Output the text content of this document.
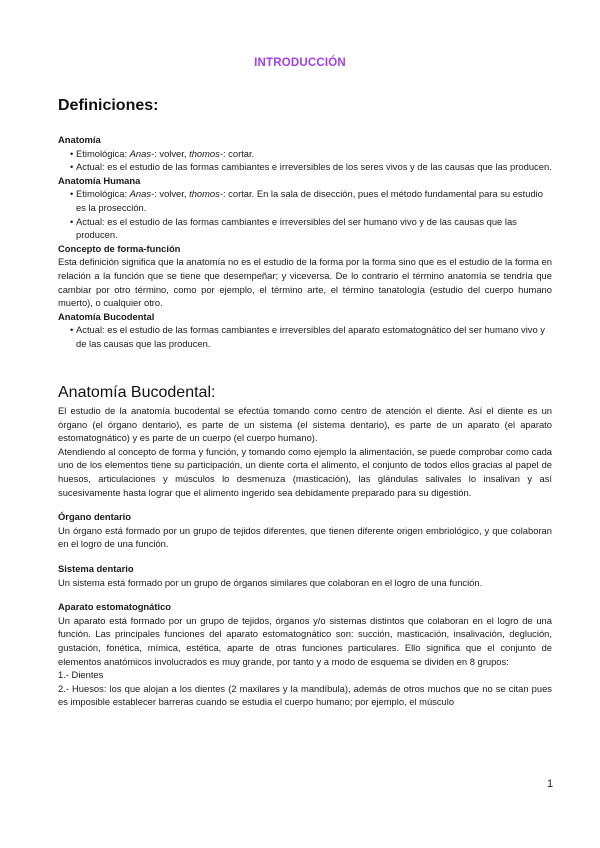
INTRODUCCIÓN
Definiciones:
Anatomía
• Etimológica: Anas-: volver, thomos-: cortar.
• Actual: es el estudio de las formas cambiantes e irreversibles de los seres vivos y de las causas que las producen.
Anatomía Humana
• Etimológica: Anas-: volver, thomos-: cortar. En la sala de disección, pues el método fundamental para su estudio es la prosección.
• Actual: es el estudio de las formas cambiantes e irreversibles del ser humano vivo y de las causas que las producen.
Concepto de forma-función

Esta definición significa que la anatomía no es el estudio de la forma por la forma sino que es el estudio de la forma en relación a la función que se tiene que desempeñar; y viceversa. De lo contrario el término anatomía se tendría que cambiar por otro término, como por ejemplo, el término arte, el término tanatología (estudio del cuerpo humano muerto), o cualquier otro.

Anatomía Bucodental
• Actual: es el estudio de las formas cambiantes e irreversibles del aparato estomatognático del ser humano vivo y de las causas que las producen.
Anatomía Bucodental:

El estudio de la anatomía bucodental se efectúa tomando como centro de atención el diente. Así el diente es un órgano (el órgano dentario), es parte de un sistema (el sistema dentario), es parte de un aparato (el aparato estomatognático) y es parte de un cuerpo (el cuerpo humano).

Atendiendo al concepto de forma y función, y tomando como ejemplo la alimentación, se puede comprobar como cada uno de los elementos tiene su participación, un diente corta el alimento, el conjunto de todos ellos gracias al papel de huesos, articulaciones y músculos lo desmenuza (masticación), las glándulas salivales lo insalivan y así sucesivamente hasta lograr que el alimento ingerido sea debidamente preparado para su digestión.

Órgano dentario

Un órgano está formado por un grupo de tejidos diferentes, que tienen diferente origen embriológico, y que colaboran en el logro de una función.

Sistema dentario

Un sistema está formado por un grupo de órganos similares que colaboran en el logro de una función.

Aparato estomatognático

Un aparato está formado por un grupo de tejidos, órganos y/o sistemas distintos que colaboran en el logro de una función. Las principales funciones del aparato estomatognático son: succión, masticación, insalivación, deglución, gustación, fonética, mímica, estética, aparte de otras funciones particulares. Ello significa que el conjunto de elementos anatómicos involucrados es muy grande, por tanto y a modo de esquema se dividen en 8 grupos:

1.- Dientes

2.- Huesos: los que alojan a los dientes (2 maxilares y la mandíbula), además de otros muchos que no se citan pues es imposible establecer barreras cuando se estudia el cuerpo humano; por ejemplo, el músculo

1
